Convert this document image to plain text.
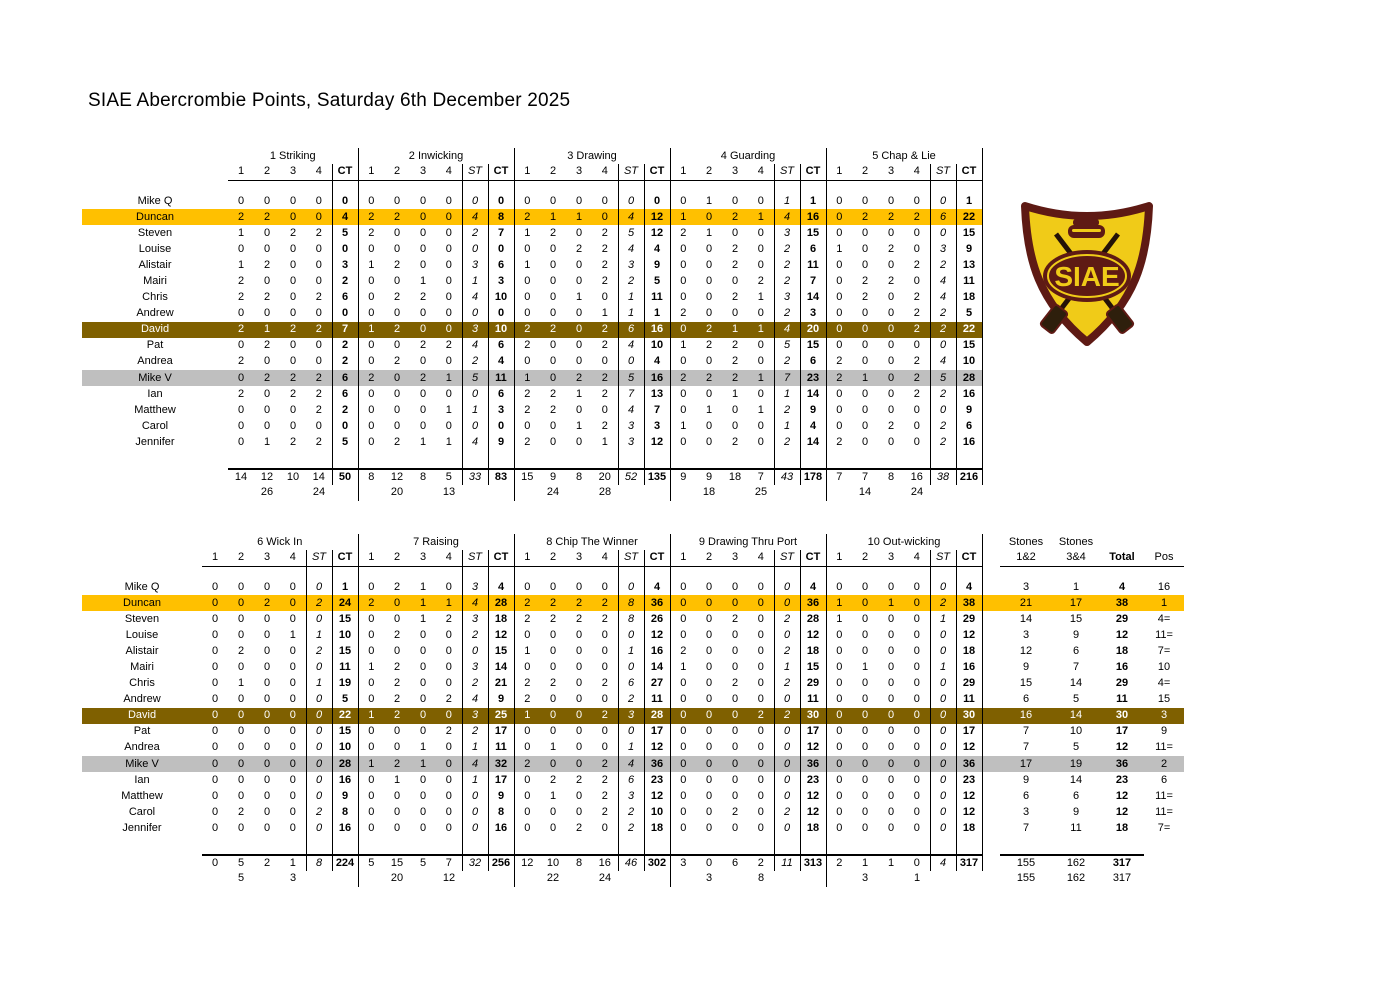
SIAE Abercrombie Points, Saturday 6th December 2025
SIAE
	1 Striking					2 Inwicking						3 Drawing						4 Guarding						5 Chap & Lie					
	1	2	3	4	CT	1	2	3	4	ST	CT	1	2	3	4	ST	CT	1	2	3	4	ST	CT	1	2	3	4	ST	CT

Mike Q	0	0	0	0	0	0	0	0	0	0	0	0	0	0	0	0	0	0	1	0	0	1	1	0	0	0	0	0	1
Duncan	2	2	0	0	4	2	2	0	0	4	8	2	1	1	0	4	12	1	0	2	1	4	16	0	2	2	2	6	22
Steven	1	0	2	2	5	2	0	0	0	2	7	1	2	0	2	5	12	2	1	0	0	3	15	0	0	0	0	0	15
Louise	0	0	0	0	0	0	0	0	0	0	0	0	0	2	2	4	4	0	0	2	0	2	6	1	0	2	0	3	9
Alistair	1	2	0	0	3	1	2	0	0	3	6	1	0	0	2	3	9	0	0	2	0	2	11	0	0	0	2	2	13
Mairi	2	0	0	0	2	0	0	1	0	1	3	0	0	0	2	2	5	0	0	0	2	2	7	0	2	2	0	4	11
Chris	2	2	0	2	6	0	2	2	0	4	10	0	0	1	0	1	11	0	0	2	1	3	14	0	2	0	2	4	18
Andrew	0	0	0	0	0	0	0	0	0	0	0	0	0	0	1	1	1	2	0	0	0	2	3	0	0	0	2	2	5
David	2	1	2	2	7	1	2	0	0	3	10	2	2	0	2	6	16	0	2	1	1	4	20	0	0	0	2	2	22
Pat	0	2	0	0	2	0	0	2	2	4	6	2	0	0	2	4	10	1	2	2	0	5	15	0	0	0	0	0	15
Andrea	2	0	0	0	2	0	2	0	0	2	4	0	0	0	0	0	4	0	0	2	0	2	6	2	0	0	2	4	10
Mike V	0	2	2	2	6	2	0	2	1	5	11	1	0	2	2	5	16	2	2	2	1	7	23	2	1	0	2	5	28
Ian	2	0	2	2	6	0	0	0	0	0	6	2	2	1	2	7	13	0	0	1	0	1	14	0	0	0	2	2	16
Matthew	0	0	0	2	2	0	0	0	1	1	3	2	2	0	0	4	7	0	1	0	1	2	9	0	0	0	0	0	9
Carol	0	0	0	0	0	0	0	0	0	0	0	0	0	1	2	3	3	1	0	0	0	1	4	0	0	2	0	2	6
Jennifer	0	1	2	2	5	0	2	1	1	4	9	2	0	0	1	3	12	0	0	2	0	2	14	2	0	0	0	2	16

	14	12	10	14	50	8	12	8	5	33	83	15	9	8	20	52	135	9	9	18	7	43	178	7	7	8	16	38	216
		26		24			20		13				24		28				18		25				14		24		
	6 Wick In						7 Raising						8 Chip The Winner						9 Drawing Thru Port						10 Out-wicking							Stones	Stones		
	1	2	3	4	ST	CT	1	2	3	4	ST	CT	1	2	3	4	ST	CT	1	2	3	4	ST	CT	1	2	3	4	ST	CT		1&2	3&4	Total	Pos

Mike Q	0	0	0	0	0	1	0	2	1	0	3	4	0	0	0	0	0	4	0	0	0	0	0	4	0	0	0	0	0	4		3	1	4	16
Duncan	0	0	2	0	2	24	2	0	1	1	4	28	2	2	2	2	8	36	0	0	0	0	0	36	1	0	1	0	2	38		21	17	38	1
Steven	0	0	0	0	0	15	0	0	1	2	3	18	2	2	2	2	8	26	0	0	2	0	2	28	1	0	0	0	1	29		14	15	29	4=
Louise	0	0	0	1	1	10	0	2	0	0	2	12	0	0	0	0	0	12	0	0	0	0	0	12	0	0	0	0	0	12		3	9	12	11=
Alistair	0	2	0	0	2	15	0	0	0	0	0	15	1	0	0	0	1	16	2	0	0	0	2	18	0	0	0	0	0	18		12	6	18	7=
Mairi	0	0	0	0	0	11	1	2	0	0	3	14	0	0	0	0	0	14	1	0	0	0	1	15	0	1	0	0	1	16		9	7	16	10
Chris	0	1	0	0	1	19	0	2	0	0	2	21	2	2	0	2	6	27	0	0	2	0	2	29	0	0	0	0	0	29		15	14	29	4=
Andrew	0	0	0	0	0	5	0	2	0	2	4	9	2	0	0	0	2	11	0	0	0	0	0	11	0	0	0	0	0	11		6	5	11	15
David	0	0	0	0	0	22	1	2	0	0	3	25	1	0	0	2	3	28	0	0	0	2	2	30	0	0	0	0	0	30		16	14	30	3
Pat	0	0	0	0	0	15	0	0	0	2	2	17	0	0	0	0	0	17	0	0	0	0	0	17	0	0	0	0	0	17		7	10	17	9
Andrea	0	0	0	0	0	10	0	0	1	0	1	11	0	1	0	0	1	12	0	0	0	0	0	12	0	0	0	0	0	12		7	5	12	11=
Mike V	0	0	0	0	0	28	1	2	1	0	4	32	2	0	0	2	4	36	0	0	0	0	0	36	0	0	0	0	0	36		17	19	36	2
Ian	0	0	0	0	0	16	0	1	0	0	1	17	0	2	2	2	6	23	0	0	0	0	0	23	0	0	0	0	0	23		9	14	23	6
Matthew	0	0	0	0	0	9	0	0	0	0	0	9	0	1	0	2	3	12	0	0	0	0	0	12	0	0	0	0	0	12		6	6	12	11=
Carol	0	2	0	0	2	8	0	0	0	0	0	8	0	0	0	2	2	10	0	0	2	0	2	12	0	0	0	0	0	12		3	9	12	11=
Jennifer	0	0	0	0	0	16	0	0	0	0	0	16	0	0	2	0	2	18	0	0	0	0	0	18	0	0	0	0	0	18		7	11	18	7=

	0	5	2	1	8	224	5	15	5	7	32	256	12	10	8	16	46	302	3	0	6	2	11	313	2	1	1	0	4	317		155	162	317	
		5		3				20		12				22		24				3		8				3		1				155	162	317	
